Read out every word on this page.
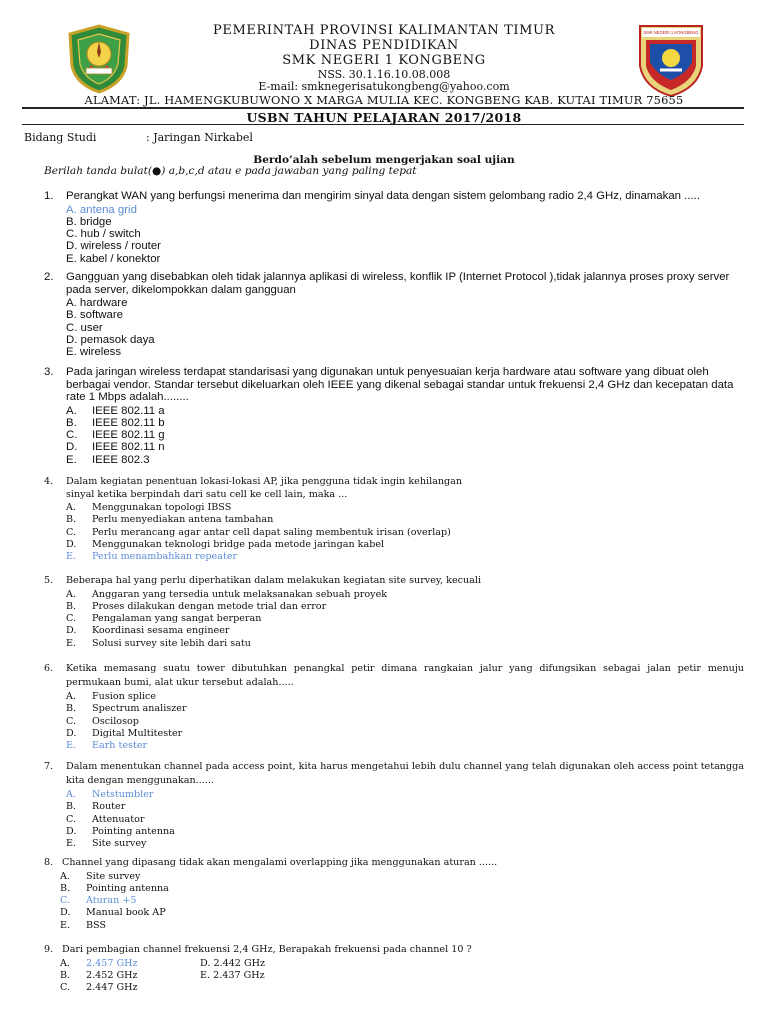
SMK NEGERI 1 KONGBENG
PEMERINTAH PROVINSI KALIMANTAN TIMUR
DINAS PENDIDIKAN
SMK NEGERI 1 KONGBENG
NSS. 30.1.16.10.08.008
E-mail: smknegerisatukongbeng@yahoo.com
ALAMAT: JL. HAMENGKUBUWONO X MARGA MULIA KEC. KONGBENG KAB. KUTAI TIMUR 75655
USBN TAHUN PELAJARAN 2017/2018
Bidang Studi	: Jaringan Nirkabel
Berdo’alah sebelum mengerjakan soal ujian
Berilah tanda bulat(●) a,b,c,d atau e pada jawaban yang paling tepat
1. Perangkat WAN yang berfungsi menerima dan mengirim sinyal data dengan sistem gelombang radio 2,4 GHz, dinamakan .....
A. antena grid
B. bridge
C. hub / switch
D. wireless / router
E. kabel / konektor
2. Gangguan yang disebabkan oleh tidak jalannya aplikasi di wireless, konflik IP (Internet Protocol ),tidak jalannya proses proxy server pada server, dikelompokkan dalam gangguan
A. hardware
B. software
C. user
D. pemasok daya
E. wireless
3. Pada jaringan wireless terdapat standarisasi yang digunakan untuk penyesuaian kerja hardware atau software yang dibuat oleh berbagai vendor. Standar tersebut dikeluarkan oleh IEEE yang dikenal sebagai standar untuk frekuensi 2,4 GHz dan kecepatan data rate 1 Mbps adalah........
A. IEEE 802.11 a
B. IEEE 802.11 b
C. IEEE 802.11 g
D. IEEE 802.11 n
E. IEEE 802.3
4. Dalam kegiatan penentuan lokasi-lokasi AP, jika pengguna tidak ingin kehilangan
sinyal ketika berpindah dari satu cell ke cell lain, maka ...
A. Menggunakan topologi IBSS
B. Perlu menyediakan antena tambahan
C. Perlu merancang agar antar cell dapat saling membentuk irisan (overlap)
D. Menggunakan teknologi bridge pada metode jaringan kabel
E. Perlu menambahkan repeater
5. Beberapa hal yang perlu diperhatikan dalam melakukan kegiatan site survey, kecuali
A. Anggaran yang tersedia untuk melaksanakan sebuah proyek
B. Proses dilakukan dengan metode trial dan error
C. Pengalaman yang sangat berperan
D. Koordinasi sesama engineer
E. Solusi survey site lebih dari satu
6. Ketika memasang suatu tower dibutuhkan penangkal petir dimana rangkaian jalur yang difungsikan sebagai jalan petir menuju permukaan bumi, alat ukur tersebut adalah.....
A. Fusion splice
B. Spectrum analiszer
C. Oscilosop
D. Digital Multitester
E. Earh tester
7. Dalam menentukan channel pada access point, kita harus mengetahui lebih dulu channel yang telah digunakan oleh access point tetangga kita dengan menggunakan......
A. Netstumbler
B. Router
C. Attenuator
D. Pointing antenna
E. Site survey
8. Channel yang dipasang tidak akan mengalami overlapping jika menggunakan aturan ......
A. Site survey
B. Pointing antenna
C. Aturan +5
D. Manual book AP
E. BSS
9. Dari pembagian channel frekuensi 2,4 GHz, Berapakah frekuensi pada channel 10 ?
A. 2.457 GHz	D. 2.442 GHz
B. 2.452 GHz	E. 2.437 GHz
C. 2.447 GHz
